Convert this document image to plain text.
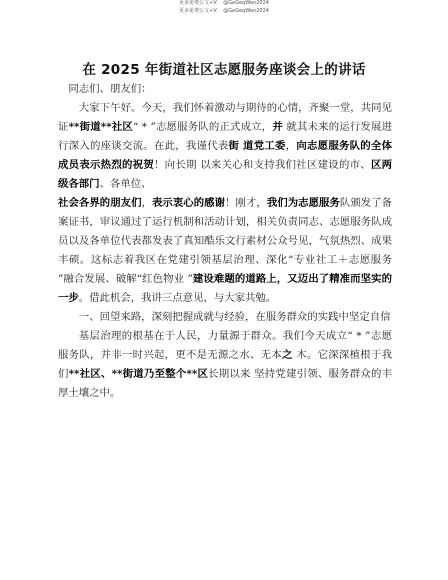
更多免费公文+V： @GeGeqWen2024
更多免费公文+V： @GeGeqWen2024
在 2025 年街道社区志愿服务座谈会上的讲话

同志们、朋友们：

大家下午好。今天，我们怀着激动与期待的心情，齐聚一堂，共同见证**街道**社区“ * ”志愿服务队的正式成立，并 就其未来的运行发展进行深入的座谈交流。在此，我谨代表街 道党工委，向志愿服务队的全体成员表示热烈的祝贺！向长期 以来关心和支持我们社区建设的市、区两级各部门、各单位、
社会各界的朋友们，表示衷心的感谢！刚才，我们为志愿服务队颁发了备案证书，审议通过了运行机制和活动计划，相关负责同志、志愿服务队成员以及各单位代表都发表了真知酷乐文行素材公众号见，气氛热烈、成果丰硕。这标志着我区在党建引领基层治理、深化“专业社工＋志愿服务 ”融合发展、破解“红色物业 ”建设难题的道路上，又迈出了精准而坚实的一步。借此机会，我讲三点意见，与大家共勉。

一、回望来路，深刻把握成就与经验，在服务群众的实践中坚定自信

基层治理的根基在于人民，力量源于群众。我们今天成立“ * ”志愿服务队，并非一时兴起，更不是无源之水、无本之 木。它深深植根于我们**社区、**街道乃至整个**区长期以来 坚持党建引领、服务群众的丰厚土壤之中。
